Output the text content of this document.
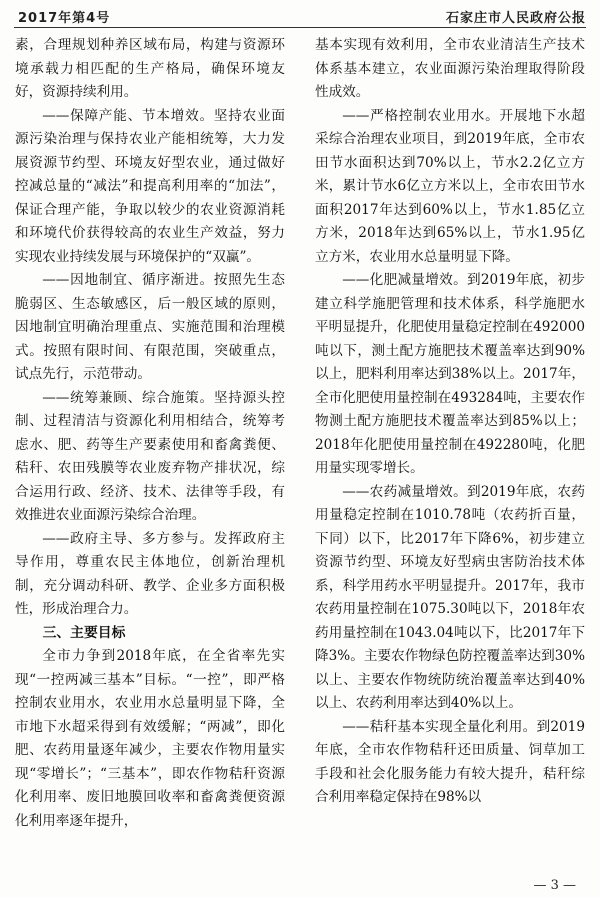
2017年第4号	石家庄市人民政府公报

素，合理规划种养区域布局，构建与资源环境承载力相匹配的生产格局，确保环境友好，资源持续利用。

——保障产能、节本增效。坚持农业面源污染治理与保持农业产能相统筹，大力发展资源节约型、环境友好型农业，通过做好控减总量的“减法”和提高利用率的“加法”，保证合理产能，争取以较少的农业资源消耗和环境代价获得较高的农业生产效益，努力实现农业持续发展与环境保护的“双赢”。

——因地制宜、循序渐进。按照先生态脆弱区、生态敏感区，后一般区域的原则，因地制宜明确治理重点、实施范围和治理模式。按照有限时间、有限范围，突破重点，试点先行，示范带动。

——统筹兼顾、综合施策。坚持源头控制、过程清洁与资源化利用相结合，统筹考虑水、肥、药等生产要素使用和畜禽粪便、秸秆、农田残膜等农业废弃物产排状况，综合运用行政、经济、技术、法律等手段，有效推进农业面源污染综合治理。

——政府主导、多方参与。发挥政府主导作用，尊重农民主体地位，创新治理机制，充分调动科研、教学、企业多方面积极性，形成治理合力。

三、主要目标

全市力争到2018年底，在全省率先实现“一控两减三基本”目标。“一控”，即严格控制农业用水，农业用水总量明显下降，全市地下水超采得到有效缓解；“两减”，即化肥、农药用量逐年减少，主要农作物用量实现“零增长”；“三基本”，即农作物秸秆资源化利用率、废旧地膜回收率和畜禽粪便资源化利用率逐年提升，

基本实现有效利用，全市农业清洁生产技术体系基本建立，农业面源污染治理取得阶段性成效。

——严格控制农业用水。开展地下水超采综合治理农业项目，到2019年底，全市农田节水面积达到70%以上，节水2.2亿立方米，累计节水6亿立方米以上，全市农田节水面积2017年达到60%以上，节水1.85亿立方米，2018年达到65%以上，节水1.95亿立方米，农业用水总量明显下降。

——化肥减量增效。到2019年底，初步建立科学施肥管理和技术体系，科学施肥水平明显提升，化肥使用量稳定控制在492000吨以下，测土配方施肥技术覆盖率达到90%以上，肥料利用率达到38%以上。2017年，全市化肥使用量控制在493284吨，主要农作物测土配方施肥技术覆盖率达到85%以上；2018年化肥使用量控制在492280吨，化肥用量实现零增长。

——农药减量增效。到2019年底，农药用量稳定控制在1010.78吨（农药折百量，下同）以下，比2017年下降6%，初步建立资源节约型、环境友好型病虫害防治技术体系，科学用药水平明显提升。2017年，我市农药用量控制在1075.30吨以下，2018年农药用量控制在1043.04吨以下，比2017年下降3%。主要农作物绿色防控覆盖率达到30%以上、主要农作物统防统治覆盖率达到40%以上、农药利用率达到40%以上。

——秸秆基本实现全量化利用。到2019年底，全市农作物秸秆还田质量、饲草加工手段和社会化服务能力有较大提升，秸秆综合利用率稳定保持在98%以

— 3 —
